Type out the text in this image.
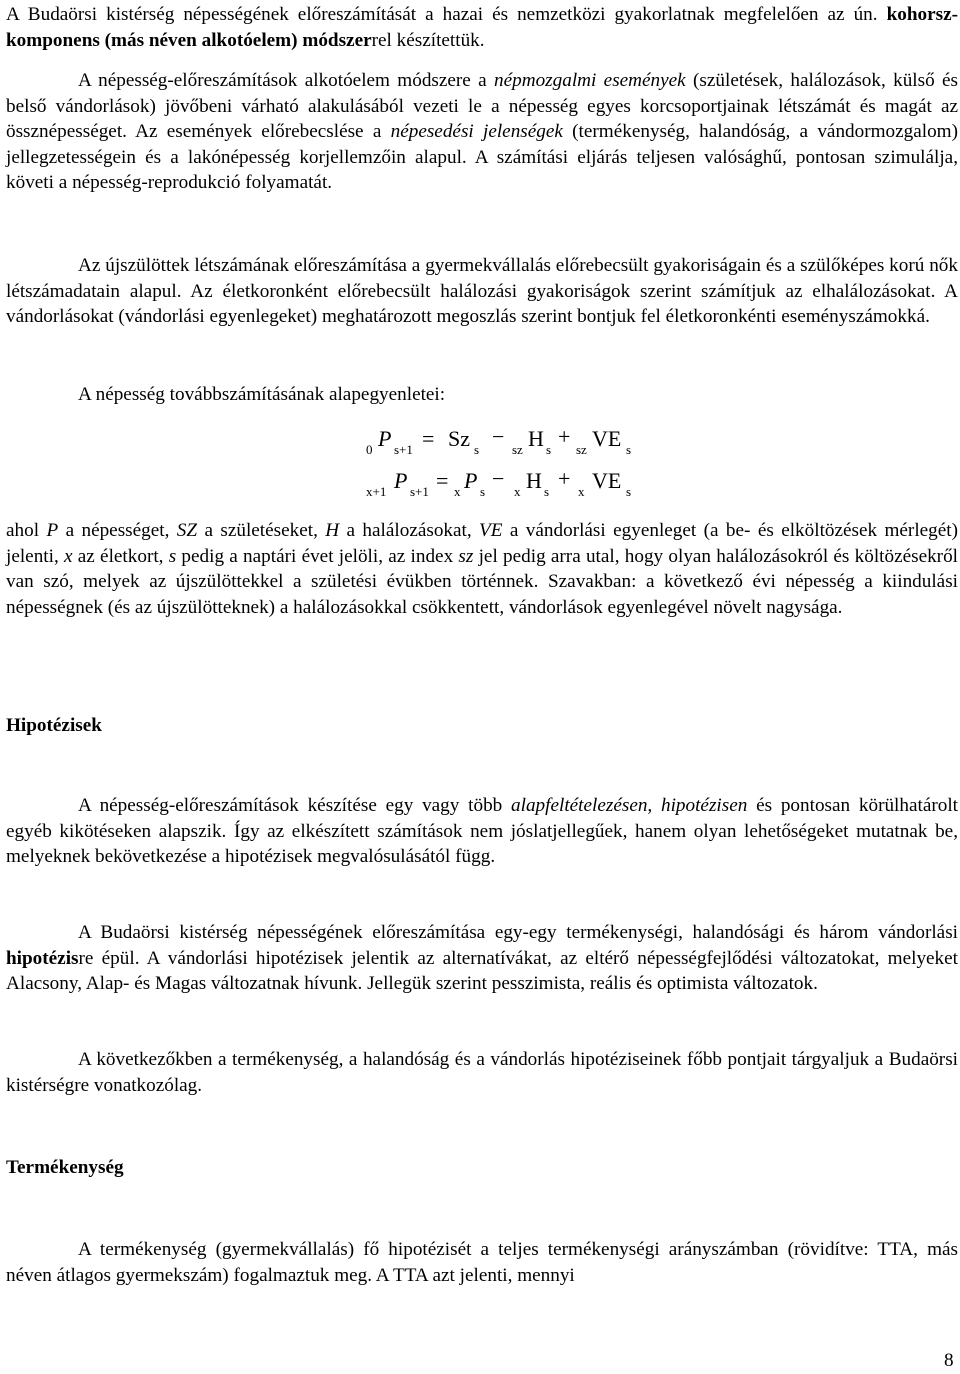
A Budaörsi kistérség népességének előreszámítását a hazai és nemzetközi gyakorlatnak megfelelően az ún. kohorsz-komponens (más néven alkotóelem) módszerrel készítettük.

A népesség-előreszámítások alkotóelem módszere a népmozgalmi események (születések, halálozások, külső és belső vándorlások) jövőbeni várható alakulásából vezeti le a népesség egyes korcsoportjainak létszámát és magát az össznépességet. Az események előrebecslése a népesedési jelenségek (termékenység, halandóság, a vándormozgalom) jellegzetességein és a lakónépesség korjellemzőin alapul. A számítási eljárás teljesen valósághű, pontosan szimulálja, követi a népesség-reprodukció folyamatát.

Az újszülöttek létszámának előreszámítása a gyermekvállalás előrebecsült gyakoriságain és a szülőképes korú nők létszámadatain alapul. Az életkoronként előrebecsült halálozási gyakoriságok szerint számítjuk az elhalálozásokat. A vándorlásokat (vándorlási egyenlegeket) meghatározott megoszlás szerint bontjuk fel életkoronkénti eseményszámokká.

A népesség továbbszámításának alapegyenletei:

0 P s+1 = Sz s
−
sz H s
+
sz VE s
x+1 P s+1 = x P s
−
x H s
+
x VE s

ahol P a népességet, SZ a születéseket, H a halálozásokat, VE a vándorlási egyenleget (a be- és elköltözések mérlegét) jelenti, x az életkort, s pedig a naptári évet jelöli, az index sz jel pedig arra utal, hogy olyan halálozásokról és költözésekről van szó, melyek az újszülöttekkel a születési évükben történnek. Szavakban: a következő évi népesség a kiindulási népességnek (és az újszülötteknek) a halálozásokkal csökkentett, vándorlások egyenlegével növelt nagysága.

Hipotézisek

A népesség-előreszámítások készítése egy vagy több alapfeltételezésen, hipotézisen és pontosan körülhatárolt egyéb kikötéseken alapszik. Így az elkészített számítások nem jóslatjellegűek, hanem olyan lehetőségeket mutatnak be, melyeknek bekövetkezése a hipotézisek megvalósulásától függ.

A Budaörsi kistérség népességének előreszámítása egy-egy termékenységi, halandósági és három vándorlási hipotézisre épül. A vándorlási hipotézisek jelentik az alternatívákat, az eltérő népességfejlődési változatokat, melyeket Alacsony, Alap- és Magas változatnak hívunk. Jellegük szerint pesszimista, reális és optimista változatok.

A következőkben a termékenység, a halandóság és a vándorlás hipotéziseinek főbb pontjait tárgyaljuk a Budaörsi kistérségre vonatkozólag.

Termékenység

A termékenység (gyermekvállalás) fő hipotézisét a teljes termékenységi arányszámban (rövidítve: TTA, más néven átlagos gyermekszám) fogalmaztuk meg. A TTA azt jelenti, mennyi

8
